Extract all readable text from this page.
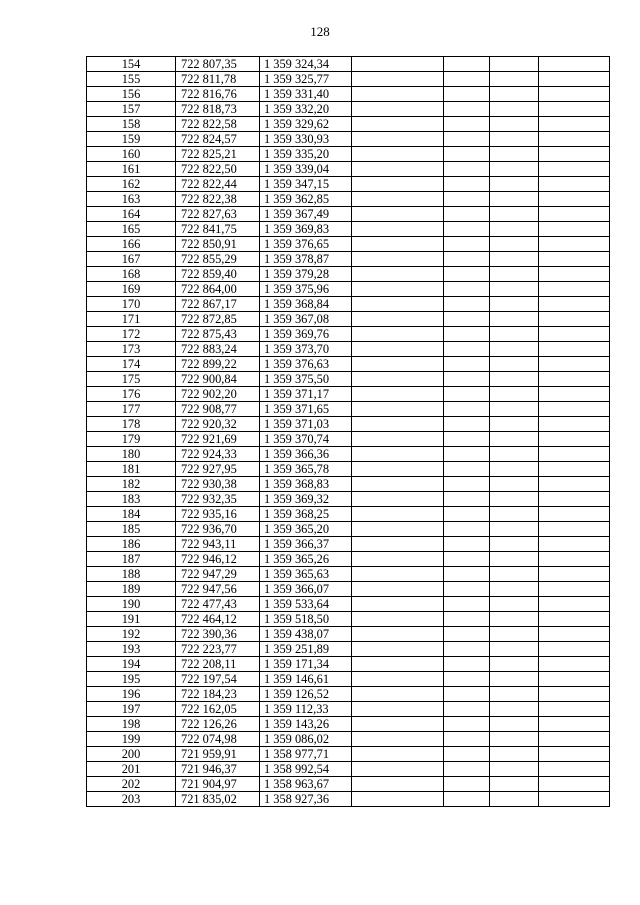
128
154	722 807,35	1 359 324,34				
155	722 811,78	1 359 325,77				
156	722 816,76	1 359 331,40				
157	722 818,73	1 359 332,20				
158	722 822,58	1 359 329,62				
159	722 824,57	1 359 330,93				
160	722 825,21	1 359 335,20				
161	722 822,50	1 359 339,04				
162	722 822,44	1 359 347,15				
163	722 822,38	1 359 362,85				
164	722 827,63	1 359 367,49				
165	722 841,75	1 359 369,83				
166	722 850,91	1 359 376,65				
167	722 855,29	1 359 378,87				
168	722 859,40	1 359 379,28				
169	722 864,00	1 359 375,96				
170	722 867,17	1 359 368,84				
171	722 872,85	1 359 367,08				
172	722 875,43	1 359 369,76				
173	722 883,24	1 359 373,70				
174	722 899,22	1 359 376,63				
175	722 900,84	1 359 375,50				
176	722 902,20	1 359 371,17				
177	722 908,77	1 359 371,65				
178	722 920,32	1 359 371,03				
179	722 921,69	1 359 370,74				
180	722 924,33	1 359 366,36				
181	722 927,95	1 359 365,78				
182	722 930,38	1 359 368,83				
183	722 932,35	1 359 369,32				
184	722 935,16	1 359 368,25				
185	722 936,70	1 359 365,20				
186	722 943,11	1 359 366,37				
187	722 946,12	1 359 365,26				
188	722 947,29	1 359 365,63				
189	722 947,56	1 359 366,07				
190	722 477,43	1 359 533,64				
191	722 464,12	1 359 518,50				
192	722 390,36	1 359 438,07				
193	722 223,77	1 359 251,89				
194	722 208,11	1 359 171,34				
195	722 197,54	1 359 146,61				
196	722 184,23	1 359 126,52				
197	722 162,05	1 359 112,33				
198	722 126,26	1 359 143,26				
199	722 074,98	1 359 086,02				
200	721 959,91	1 358 977,71				
201	721 946,37	1 358 992,54				
202	721 904,97	1 358 963,67				
203	721 835,02	1 358 927,36				
